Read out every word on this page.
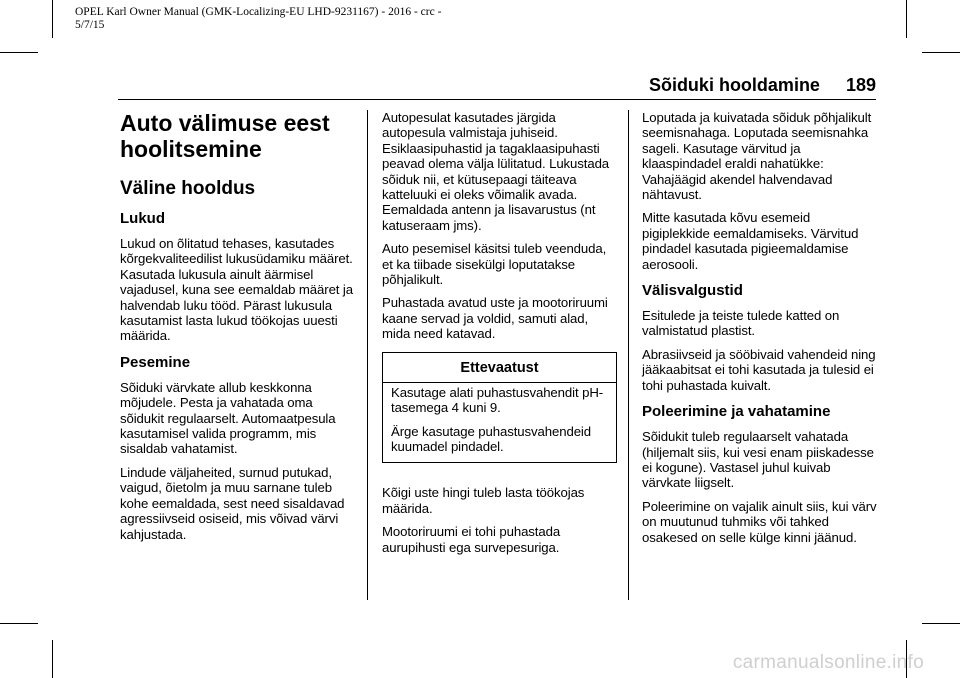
OPEL Karl Owner Manual (GMK-Localizing-EU LHD-9231167) - 2016 - crc -
5/7/15
Sõiduki hooldamine 189
Auto välimuse eest
hoolitsemine
Väline hooldus
Lukud

Lukud on õlitatud tehases, kasutades kõrgekvaliteedilist lukusüdamiku määret. Kasutada lukusula ainult äärmisel vajadusel, kuna see eemaldab määret ja halvendab luku tööd. Pärast lukusula kasutamist lasta lukud töökojas uuesti määrida.

Pesemine

Sõiduki värvkate allub keskkonna mõjudele. Pesta ja vahatada oma sõidukit regulaarselt. Automaatpesula kasutamisel valida programm, mis sisaldab vahatamist.

Lindude väljaheited, surnud putukad, vaigud, õietolm ja muu sarnane tuleb kohe eemaldada, sest need sisaldavad agressiivseid osiseid, mis võivad värvi kahjustada.

Autopesulat kasutades järgida autopesula valmistaja juhiseid. Esiklaasipuhastid ja tagaklaasipuhasti peavad olema välja lülitatud. Lukustada sõiduk nii, et kütusepaagi täiteava katteluuki ei oleks võimalik avada. Eemaldada antenn ja lisavarustus (nt katuseraam jms).

Auto pesemisel käsitsi tuleb veenduda, et ka tiibade sisekülgi loputatakse põhjalikult.

Puhastada avatud uste ja mootoriruumi kaane servad ja voldid, samuti alad, mida need katavad.

Ettevaatust

Kasutage alati puhastusvahendit pH-tasemega 4 kuni 9.

Ärge kasutage puhastusvahendeid kuumadel pindadel.

Kõigi uste hingi tuleb lasta töökojas määrida.

Mootoriruumi ei tohi puhastada aurupihusti ega survepesuriga.

Loputada ja kuivatada sõiduk põhjalikult seemisnahaga. Loputada seemisnahka sageli. Kasutage värvitud ja klaaspindadel eraldi nahatükke: Vahajäägid akendel halvendavad nähtavust.

Mitte kasutada kõvu esemeid pigiplekkide eemaldamiseks. Värvitud pindadel kasutada pigieemaldamise aerosooli.

Välisvalgustid

Esitulede ja teiste tulede katted on valmistatud plastist.

Abrasiivseid ja sööbivaid vahendeid ning jääkaabitsat ei tohi kasutada ja tulesid ei tohi puhastada kuivalt.

Poleerimine ja vahatamine

Sõidukit tuleb regulaarselt vahatada (hiljemalt siis, kui vesi enam piiskadesse ei kogune). Vastasel juhul kuivab värvkate liigselt.

Poleerimine on vajalik ainult siis, kui värv on muutunud tuhmiks või tahked osakesed on selle külge kinni jäänud.

carmanualsonline.info
